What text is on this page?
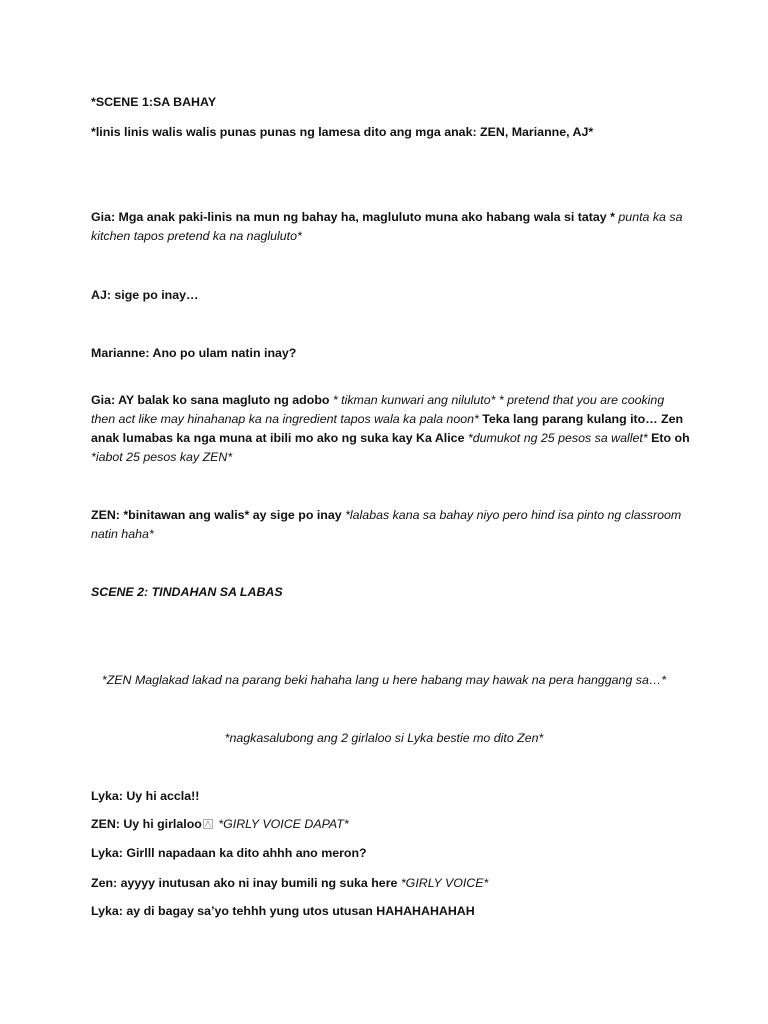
*SCENE 1:SA BAHAY
*linis linis walis walis punas punas ng lamesa dito ang mga anak: ZEN, Marianne, AJ*
Gia: Mga anak paki-linis na mun ng bahay ha, magluluto muna ako habang wala si tatay * punta ka sa kitchen tapos pretend ka na nagluluto*
AJ: sige po inay…
Marianne: Ano po ulam natin inay?
Gia: AY balak ko sana magluto ng adobo * tikman kunwari ang niluluto* * pretend that you are cooking then act like may hinahanap ka na ingredient tapos wala ka pala noon* Teka lang parang kulang ito… Zen anak lumabas ka nga muna at ibili mo ako ng suka kay Ka Alice *dumukot ng 25 pesos sa wallet* Eto oh *iabot 25 pesos kay ZEN*
ZEN: *binitawan ang walis* ay sige po inay *lalabas kana sa bahay niyo pero hind isa pinto ng classroom natin haha*
SCENE 2: TINDAHAN SA LABAS
*ZEN Maglakad lakad na parang beki hahaha lang u here habang may hawak na pera hanggang sa…*
*nagkasalubong ang 2 girlaloo si Lyka bestie mo dito Zen*
Lyka: Uy hi accla!!
ZEN: Uy hi girlaloo *GIRLY VOICE DAPAT*
Lyka: Girlll napadaan ka dito ahhh ano meron?
Zen: ayyyy inutusan ako ni inay bumili ng suka here *GIRLY VOICE*
Lyka: ay di bagay sa’yo tehhh yung utos utusan HAHAHAHAHAH
